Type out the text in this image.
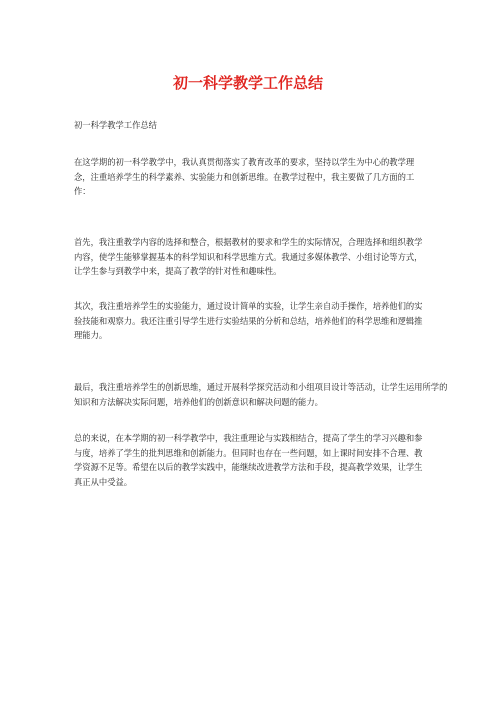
初一科学教学工作总结

初一科学教学工作总结

在这学期的初一科学教学中，我认真贯彻落实了教育改革的要求，坚持以学生为中心的教学理念，注重培养学生的科学素养、实验能力和创新思维。在教学过程中，我主要做了几方面的工作：

首先，我注重教学内容的选择和整合，根据教材的要求和学生的实际情况，合理选择和组织教学内容，使学生能够掌握基本的科学知识和科学思维方式。我通过多媒体教学、小组讨论等方式，让学生参与到教学中来，提高了教学的针对性和趣味性。

其次，我注重培养学生的实验能力，通过设计简单的实验，让学生亲自动手操作，培养他们的实验技能和观察力。我还注重引导学生进行实验结果的分析和总结，培养他们的科学思维和逻辑推理能力。

最后，我注重培养学生的创新思维，通过开展科学探究活动和小组项目设计等活动，让学生运用所学的知识和方法解决实际问题，培养他们的创新意识和解决问题的能力。

总的来说，在本学期的初一科学教学中，我注重理论与实践相结合，提高了学生的学习兴趣和参与度，培养了学生的批判思维和创新能力。但同时也存在一些问题，如上课时间安排不合理、教学资源不足等。希望在以后的教学实践中，能继续改进教学方法和手段，提高教学效果，让学生真正从中受益。
